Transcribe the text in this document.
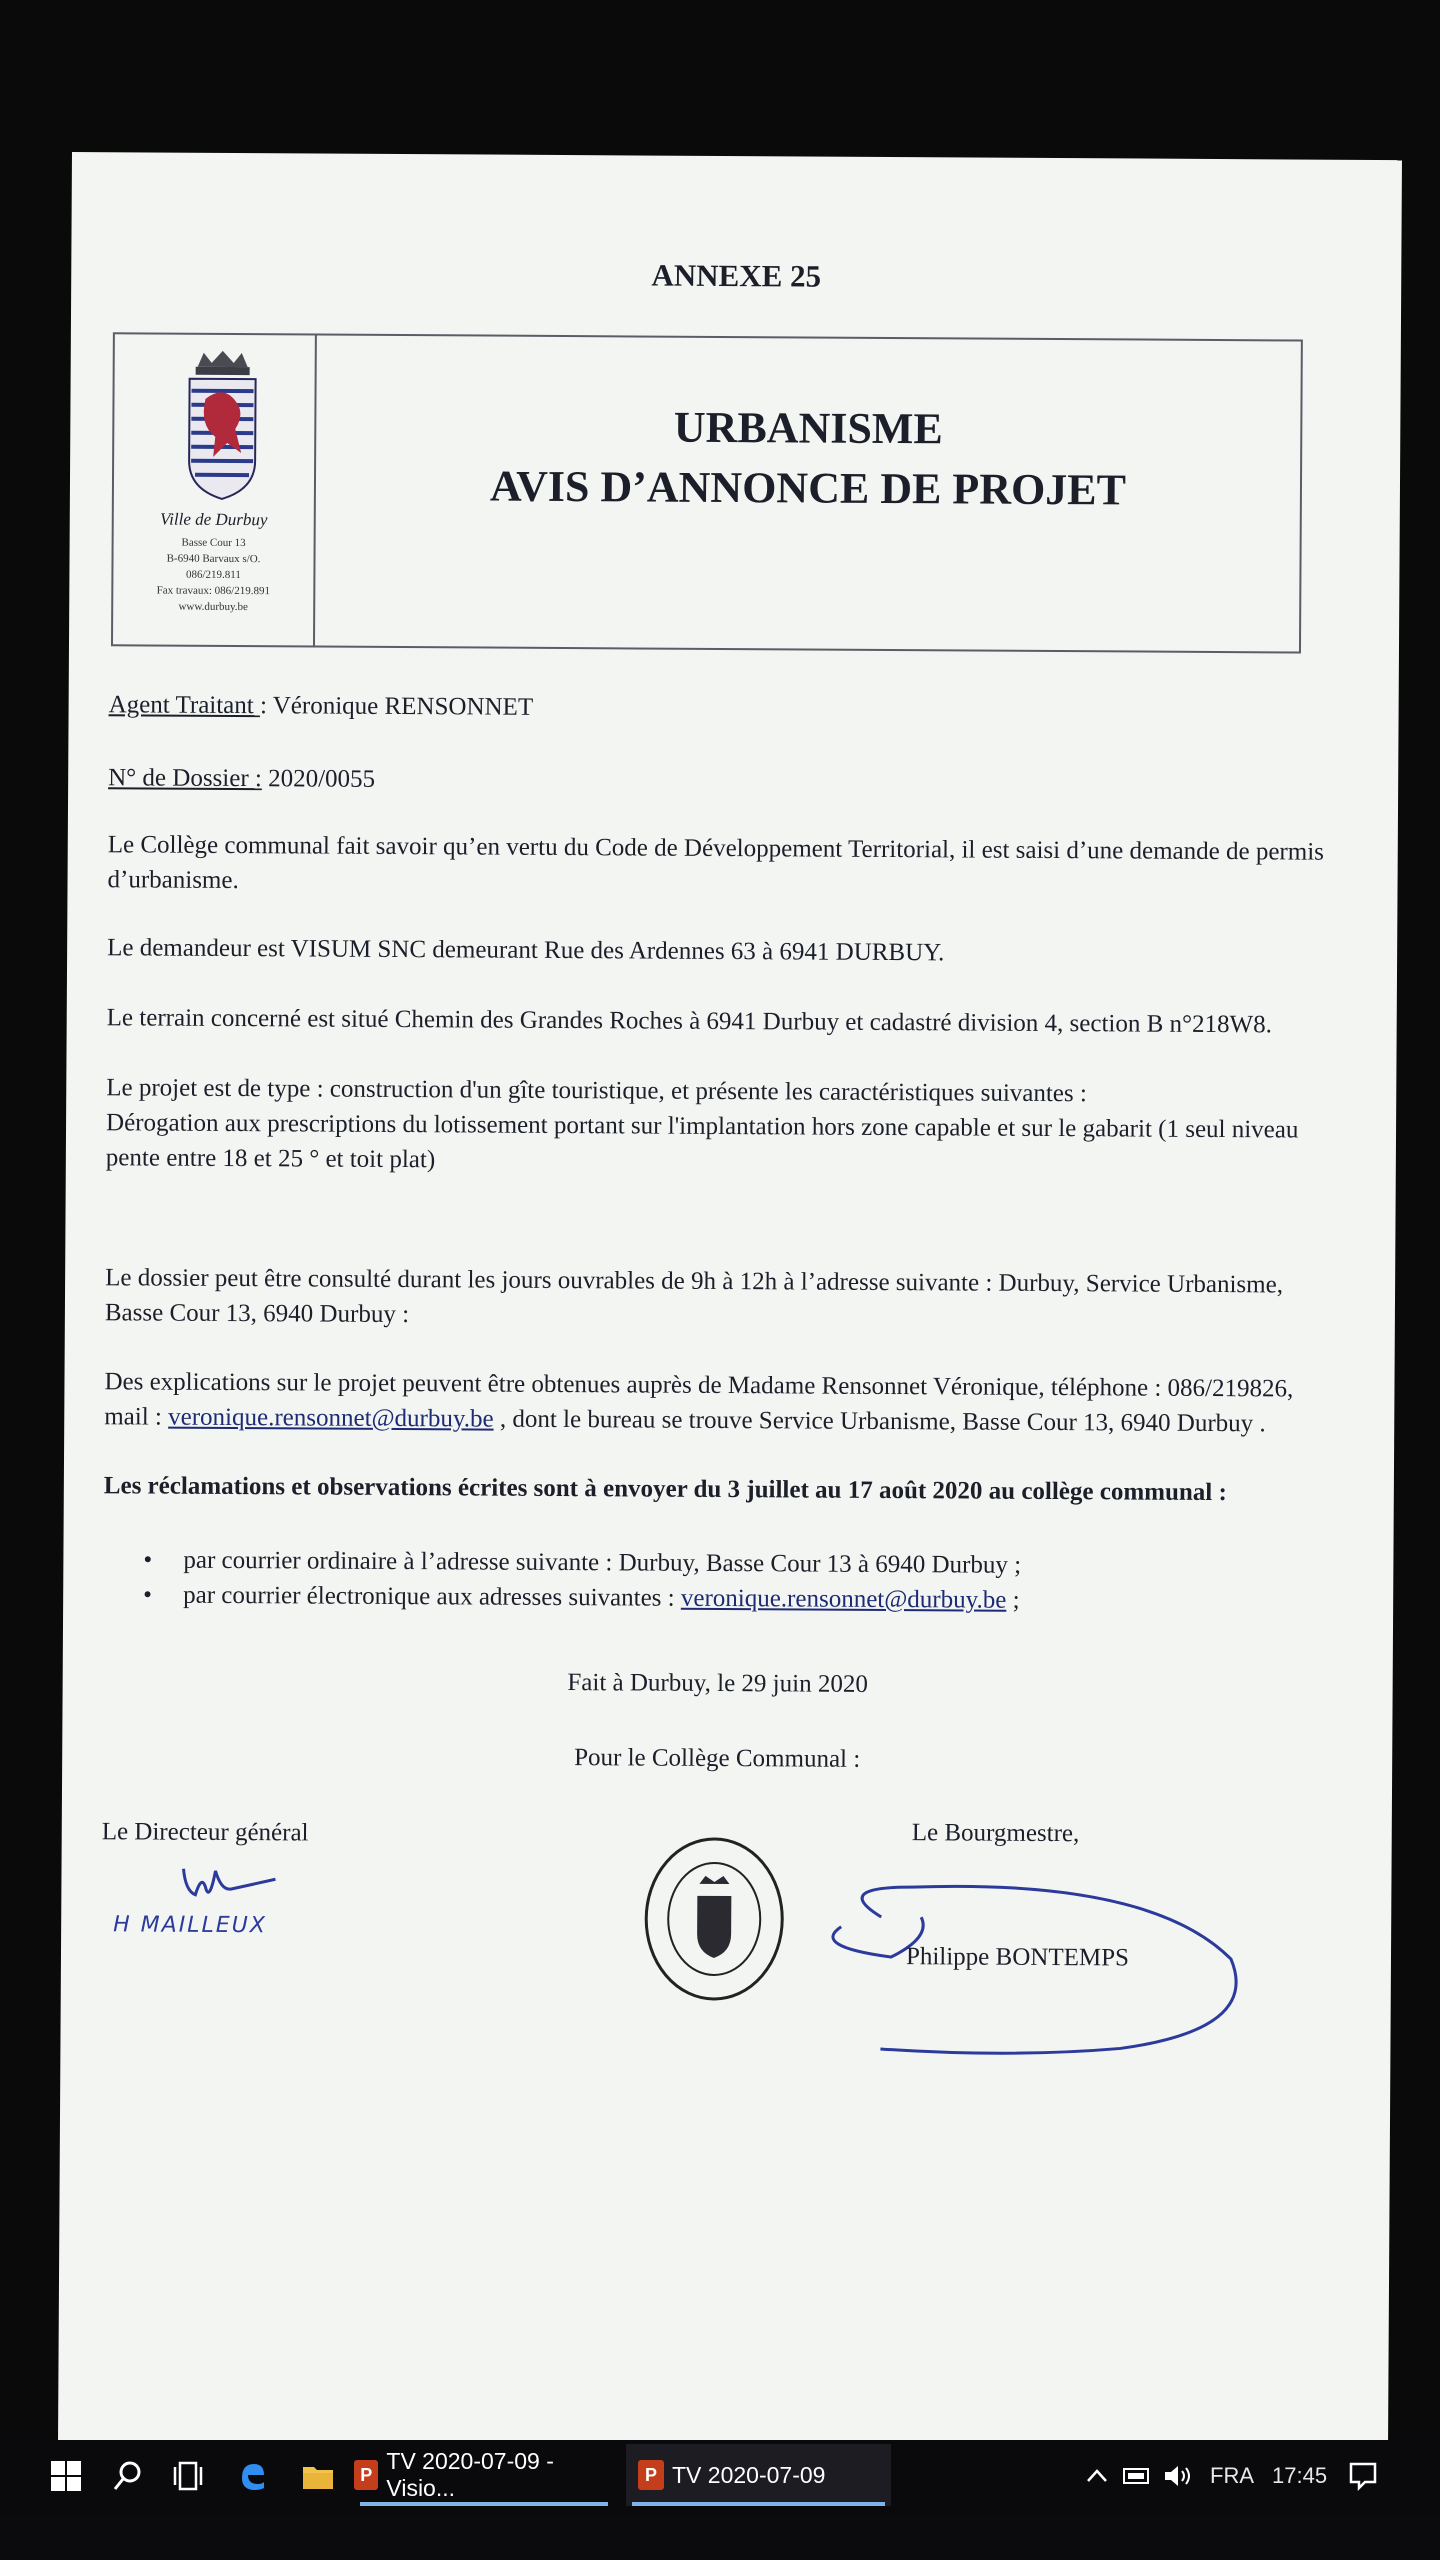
ANNEXE 25
Ville de Durbuy
Basse Cour 13
B-6940 Barvaux s/O.
086/219.811
Fax travaux: 086/219.891
www.durbuy.be
URBANISME
AVIS D’ANNONCE DE PROJET
Agent Traitant : Véronique RENSONNET
N° de Dossier : 2020/0055
Le Collège communal fait savoir qu’en vertu du Code de Développement Territorial, il est saisi d’une demande de permis d’urbanisme.
Le demandeur est VISUM SNC demeurant Rue des Ardennes 63 à 6941 DURBUY.
Le terrain concerné est situé Chemin des Grandes Roches à 6941 Durbuy et cadastré division 4, section B n°218W8.
Le projet est de type : construction d'un gîte touristique, et présente les caractéristiques suivantes :
Dérogation aux prescriptions du lotissement portant sur l'implantation hors zone capable et sur le gabarit (1 seul niveau pente entre 18 et 25 ° et toit plat)
Le dossier peut être consulté durant les jours ouvrables de 9h à 12h à l’adresse suivante : Durbuy, Service Urbanisme, Basse Cour 13, 6940 Durbuy :
Des explications sur le projet peuvent être obtenues auprès de Madame Rensonnet Véronique, téléphone : 086/219826, mail : veronique.rensonnet@durbuy.be , dont le bureau se trouve Service Urbanisme, Basse Cour 13, 6940 Durbuy .
Les réclamations et observations écrites sont à envoyer du 3 juillet au 17 août 2020 au collège communal :
• par courrier ordinaire à l’adresse suivante : Durbuy, Basse Cour 13 à 6940 Durbuy ;
• par courrier électronique aux adresses suivantes : veronique.rensonnet@durbuy.be ;
Fait à Durbuy, le 29 juin 2020
Pour le Collège Communal :
Le Directeur général
H MAILLEUX
Le Bourgmestre,
Philippe BONTEMPS
P
TV 2020-07-09 - Visio...
P TV 2020-07-09	FRA 17:45
